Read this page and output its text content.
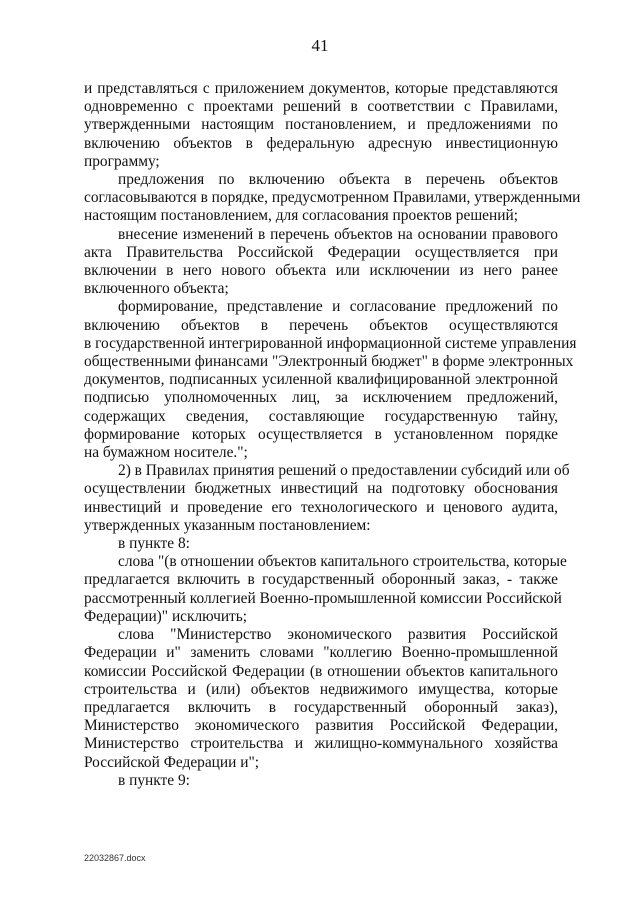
41
и представляться с приложением документов, которые представляются
одновременно с проектами решений в соответствии с Правилами,
утвержденными настоящим постановлением, и предложениями по
включению объектов в федеральную адресную инвестиционную
программу;
предложения по включению объекта в перечень объектов
согласовываются в порядке, предусмотренном Правилами, утвержденными
настоящим постановлением, для согласования проектов решений;
внесение изменений в перечень объектов на основании правового
акта Правительства Российской Федерации осуществляется при
включении в него нового объекта или исключении из него ранее
включенного объекта;
формирование, представление и согласование предложений по
включению объектов в перечень объектов осуществляются
в государственной интегрированной информационной системе управления
общественными финансами "Электронный бюджет" в форме электронных
документов, подписанных усиленной квалифицированной электронной
подписью уполномоченных лиц, за исключением предложений,
содержащих сведения, составляющие государственную тайну,
формирование которых осуществляется в установленном порядке
на бумажном носителе.";
2) в Правилах принятия решений о предоставлении субсидий или об
осуществлении бюджетных инвестиций на подготовку обоснования
инвестиций и проведение его технологического и ценового аудита,
утвержденных указанным постановлением:
в пункте 8:
слова "(в отношении объектов капитального строительства, которые
предлагается включить в государственный оборонный заказ, - также
рассмотренный коллегией Военно-промышленной комиссии Российской
Федерации)" исключить;
слова "Министерство экономического развития Российской
Федерации и" заменить словами "коллегию Военно-промышленной
комиссии Российской Федерации (в отношении объектов капитального
строительства и (или) объектов недвижимого имущества, которые
предлагается включить в государственный оборонный заказ),
Министерство экономического развития Российской Федерации,
Министерство строительства и жилищно-коммунального хозяйства
Российской Федерации и";
в пункте 9:
22032867.docx
